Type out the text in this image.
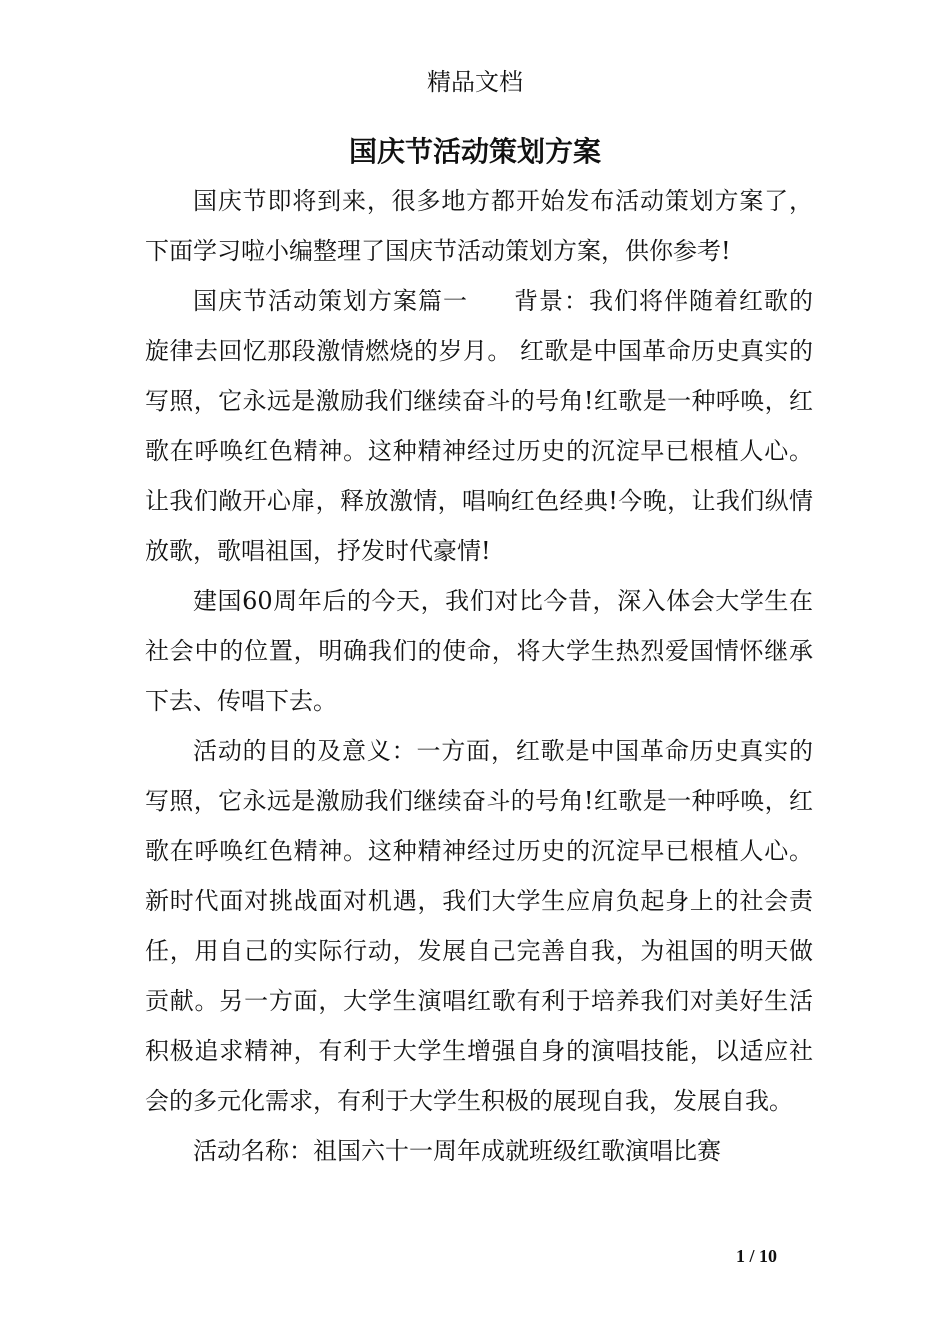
精品文档
国庆节活动策划方案

国庆节即将到来，很多地方都开始发布活动策划方案了，下面学习啦小编整理了国庆节活动策划方案，供你参考!

国庆节活动策划方案篇一 背景：我们将伴随着红歌的旋律去回忆那段激情燃烧的岁月。 红歌是中国革命历史真实的写照，它永远是激励我们继续奋斗的号角!红歌是一种呼唤，红歌在呼唤红色精神。这种精神经过历史的沉淀早已根植人心。让我们敞开心扉，释放激情，唱响红色经典!今晚，让我们纵情放歌，歌唱祖国，抒发时代豪情!

建国60周年后的今天，我们对比今昔，深入体会大学生在社会中的位置，明确我们的使命，将大学生热烈爱国情怀继承下去、传唱下去。

活动的目的及意义：一方面，红歌是中国革命历史真实的写照，它永远是激励我们继续奋斗的号角!红歌是一种呼唤，红歌在呼唤红色精神。这种精神经过历史的沉淀早已根植人心。新时代面对挑战面对机遇，我们大学生应肩负起身上的社会责任，用自己的实际行动，发展自己完善自我，为祖国的明天做贡献。另一方面，大学生演唱红歌有利于培养我们对美好生活积极追求精神，有利于大学生增强自身的演唱技能，以适应社会的多元化需求，有利于大学生积极的展现自我，发展自我。

活动名称：祖国六十一周年成就班级红歌演唱比赛

1 / 10
